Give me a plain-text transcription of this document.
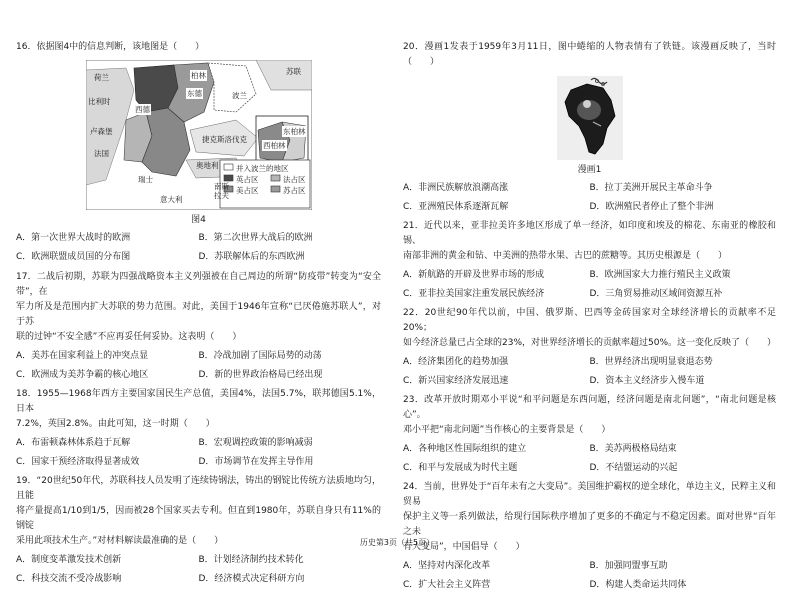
16．依据图4中的信息判断，该地图是（　　）

荷兰	柏林	苏联
东德
西德
比利时
卢森堡
法国
瑞士
奥地利
意大利
南斯拉夫
波兰
捷克斯洛伐克
西柏林
东柏林
并入波兰的地区
英占区	法占区
美占区	苏占区
图4
A．第一次世界大战时的欧洲	B．第二次世界大战后的欧洲
C．欧洲联盟成员国的分布图	D．苏联解体后的东西欧洲

17．二战后初期，苏联为四强战略资本主义列强被在自己周边的所谓“防疫带”转变为“安全带”，在

军力所及是范围内扩大苏联的势力范围。对此，美国于1946年宣称“已厌倦施苏联人”，对于苏

联的过钟“不安全感”不应再妥任何妥协。这表明（　　）

A．美苏在国家利益上的冲突点显	B．冷战加剧了国际局势的动荡
C．欧洲成为美苏争霸的核心地区	D．新的世界政治格局已经出现

18．1955—1968年西方主要国家国民生产总值，美国4%，法国5.7%，联邦德国5.1%，日本

7.2%，英国2.8%。由此可知，这一时期（　　）

A．布雷顿森林体系趋于瓦解	B．宏观调控政策的影响减弱
C．国家干预经济取得显著成效	D．市场调节在发挥主导作用

19．“20世纪50年代，苏联科技人员发明了连续铸钢法，铸出的钢锭比传统方法质地均匀，且能

将产量提高1/10到1/5，因而被28个国家买去专利。但直到1980年，苏联自身只有11%的钢锭

采用此项技术生产。”对材料解读最准确的是（　　）

A．制度变革激发技术创新	B．计划经济制约技术转化
C．科技交流不受冷战影响	D．经济模式决定科研方向

20．漫画1发表于1959年3月11日，图中蜷缩的人物表情有了铁链。该漫画反映了，当时（　　）

漫画1
A．非洲民族解放浪潮高涨	B．拉丁美洲开展民主革命斗争
C．亚洲殖民体系逐渐瓦解	D．欧洲殖民者停止了整个非洲

21．近代以来，亚非拉美许多地区形成了单一经济，如印度和埃及的棉花、东南亚的橡胶和锡、

南部非洲的黄金和钻、中美洲的热带水果、古巴的蔗糖等。其历史根源是（　　）

A．新航路的开辟及世界市场的形成	B．欧洲国家大力推行殖民主义政策
C．亚非拉美国家注重发展民族经济	D．三角贸易推动区域间资源互补

22．20世纪90年代以前，中国、俄罗斯、巴西等金砖国家对全球经济增长的贡献率不足20%；

如今经济总量已占全球的23%，对世界经济增长的贡献率超过50%。这一变化反映了（　　）

A．经济集团化的趋势加强	B．世界经济出现明显衰退态势
C．新兴国家经济发展迅速	D．资本主义经济步入慢车道

23．改革开放时期邓小平说“和平问题是东西问题，经济问题是南北问题”，“南北问题是核心”。

邓小平把“南北问题”当作核心的主要背景是（　　）

A．各种地区性国际组织的建立	B．美苏两极格局结束
C．和平与发展成为时代主题	D．不结盟运动的兴起

24．当前，世界处于“百年未有之大变局”。美国维护霸权的逆全球化，单边主义，民粹主义和贸易

保护主义等一系列做法，给现行国际秩序增加了更多的不确定与不稳定因素。面对世界“百年之未

有大变局”，中国倡导（　　）

A．坚持对内深化改革	B．加强同盟事互助
C．扩大社会主义阵营	D．构建人类命运共同体
历史第3页（共5页）
